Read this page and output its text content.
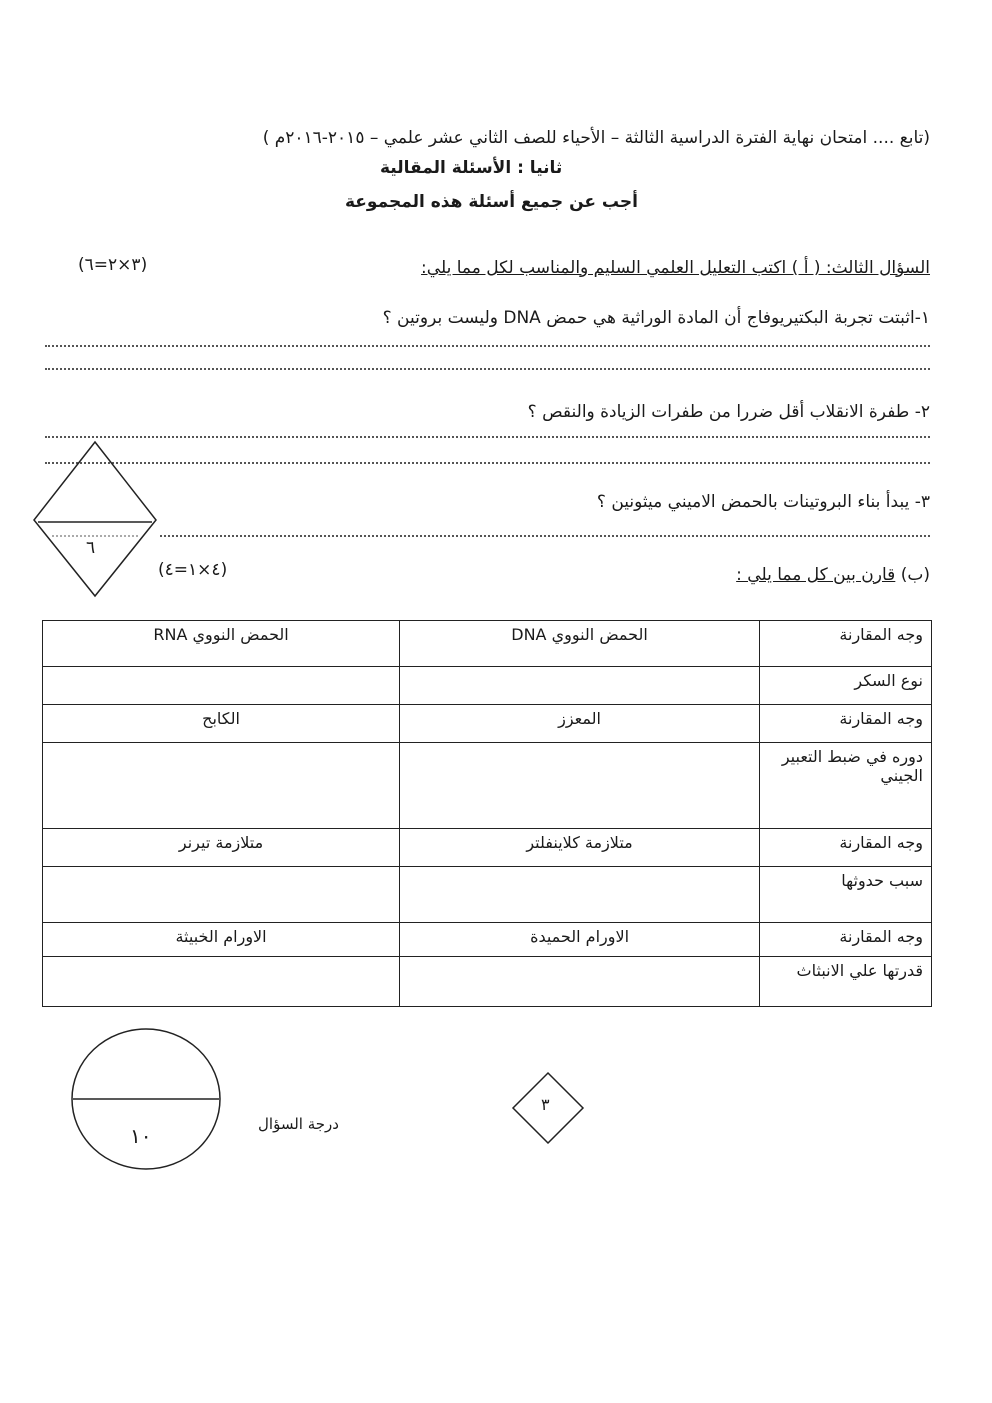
(تابع .... امتحان نهاية الفترة الدراسية الثالثة – الأحياء للصف الثاني عشر علمي – ٢٠١٥-٢٠١٦م )
ثانيا : الأسئلة المقالية
أجب عن جميع أسئلة هذه المجموعة
السؤال الثالث: ( أ ) اكتب التعليل العلمي السليم والمناسب لكل مما يلي:
(٣×٢=٦)
١-اثبتت تجربة البكتيريوفاج أن المادة الوراثية هي حمض DNA وليست بروتين ؟
٢- طفرة الانقلاب أقل ضررا من طفرات الزيادة والنقص ؟
٣- يبدأ بناء البروتينات بالحمض الاميني ميثونين ؟
٦
(ب) قارن بين كل مما يلي :
(٤×١=٤)
وجه المقارنة	الحمض النووي DNA	الحمض النووي RNA
نوع السكر		
وجه المقارنة	المعزز	الكابح
دوره في ضبط التعبير الجيني		
وجه المقارنة	متلازمة كلاينفلتر	متلازمة تيرنر
سبب حدوثها		
وجه المقارنة	الاورام الحميدة	الاورام الخبيثة
قدرتها علي الانبثاث		
١٠	درجة السؤال
٣
